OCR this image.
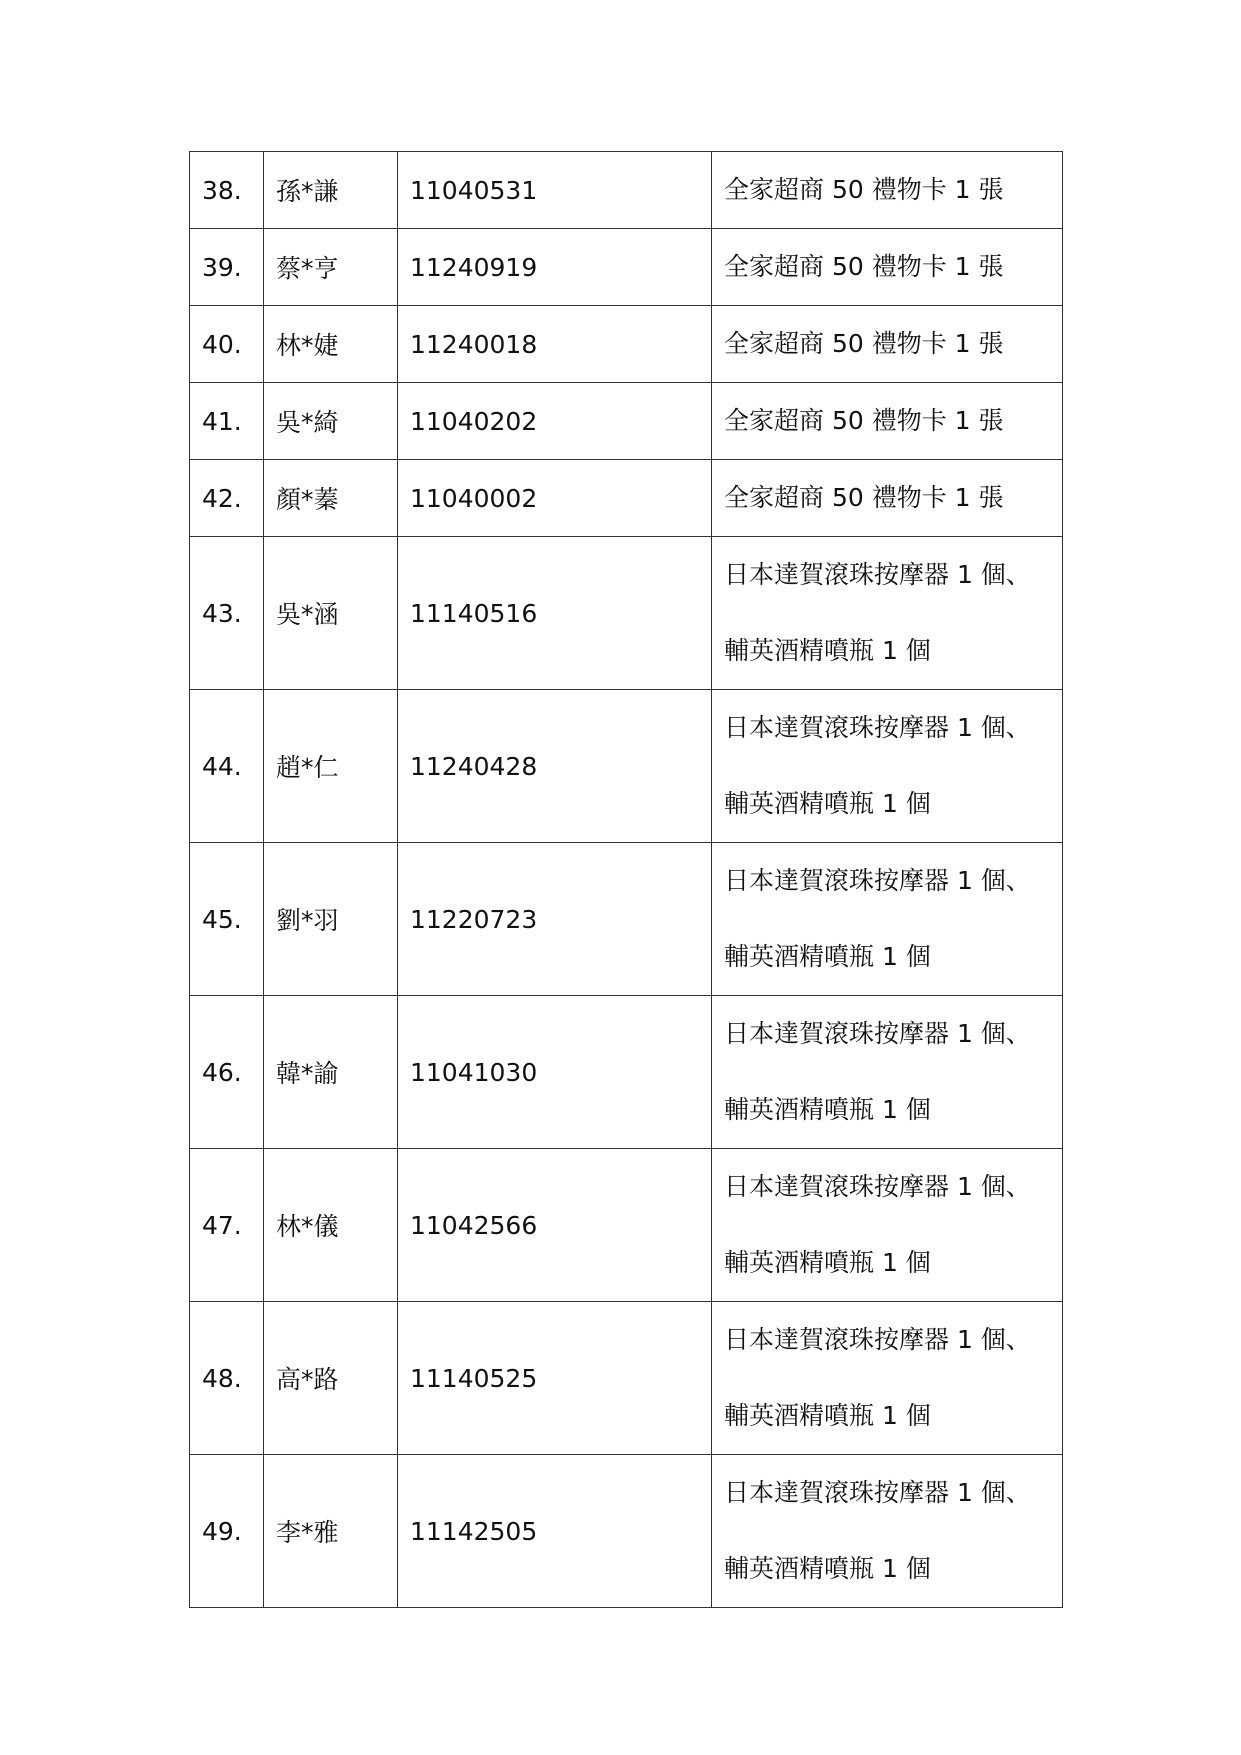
38.	孫*謙	11040531	全家超商 50 禮物卡 1 張

39.	蔡*亨	11240919	全家超商 50 禮物卡 1 張

40.	林*婕	11240018	全家超商 50 禮物卡 1 張

41.	吳*綺	11040202	全家超商 50 禮物卡 1 張

42.	顏*蓁	11040002	全家超商 50 禮物卡 1 張

43.	吳*涵	11140516	日本達賀滾珠按摩器 1 個、
輔英酒精噴瓶 1 個

44.	趙*仁	11240428	日本達賀滾珠按摩器 1 個、
輔英酒精噴瓶 1 個

45.	劉*羽	11220723	日本達賀滾珠按摩器 1 個、
輔英酒精噴瓶 1 個

46.	韓*諭	11041030	日本達賀滾珠按摩器 1 個、
輔英酒精噴瓶 1 個

47.	林*儀	11042566	日本達賀滾珠按摩器 1 個、
輔英酒精噴瓶 1 個

48.	高*路	11140525	日本達賀滾珠按摩器 1 個、
輔英酒精噴瓶 1 個

49.	李*雅	11142505	日本達賀滾珠按摩器 1 個、
輔英酒精噴瓶 1 個
